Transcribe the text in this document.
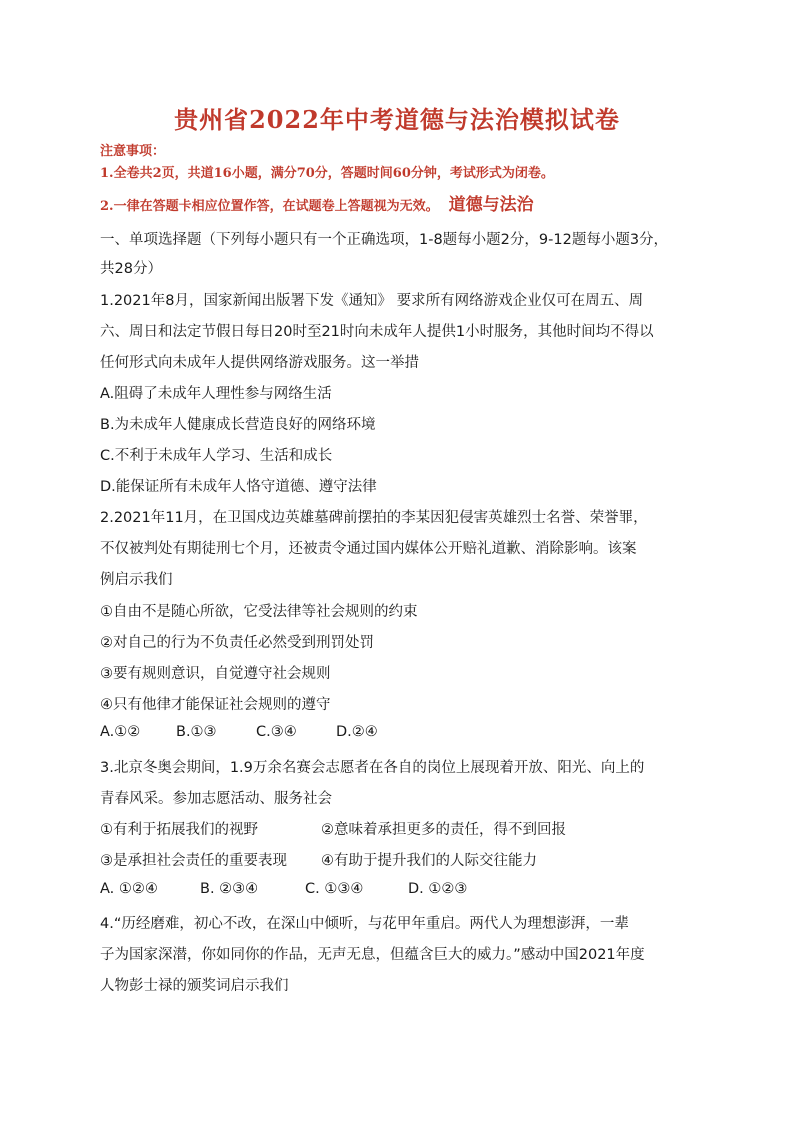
贵州省2022年中考道德与法治模拟试卷
注意事项：
1.全卷共2页，共道16小题，满分70分，答题时间60分钟，考试形式为闭卷。
2.一律在答题卡相应位置作答，在试题卷上答题视为无效。 道德与法治
一、单项选择题（下列每小题只有一个正确选项，1-8题每小题2分，9-12题每小题3分，
共28分）
1.2021年8月，国家新闻出版署下发《通知》 要求所有网络游戏企业仅可在周五、周
六、周日和法定节假日每日20时至21时向未成年人提供1小时服务，其他时间均不得以
任何形式向未成年人提供网络游戏服务。这一举措
A.阻碍了未成年人理性参与网络生活
B.为未成年人健康成长营造良好的网络环境
C.不利于未成年人学习、生活和成长
D.能保证所有未成年人恪守道德、遵守法律
2.2021年11月，在卫国戍边英雄墓碑前摆拍的李某因犯侵害英雄烈士名誉、荣誉罪，
不仅被判处有期徒刑七个月，还被责令通过国内媒体公开赔礼道歉、消除影响。该案
例启示我们
①自由不是随心所欲，它受法律等社会规则的约束
②对自己的行为不负责任必然受到刑罚处罚
③要有规则意识，自觉遵守社会规则
④只有他律才能保证社会规则的遵守
A.①② B.①③	C.③④	D.②④
3.北京冬奥会期间，1.9万余名赛会志愿者在各自的岗位上展现着开放、阳光、向上的
青春风采。参加志愿活动、服务社会
①有利于拓展我们的视野	②意味着承担更多的责任，得不到回报
③是承担社会责任的重要表现 ④有助于提升我们的人际交往能力
A. ①②④	B. ②③④	C. ①③④	D. ①②③
4.“历经磨难，初心不改，在深山中倾听，与花甲年重启。两代人为理想澎湃，一辈
子为国家深潜，你如同你的作品，无声无息，但蕴含巨大的威力。”感动中国2021年度
人物彭士禄的颁奖词启示我们
